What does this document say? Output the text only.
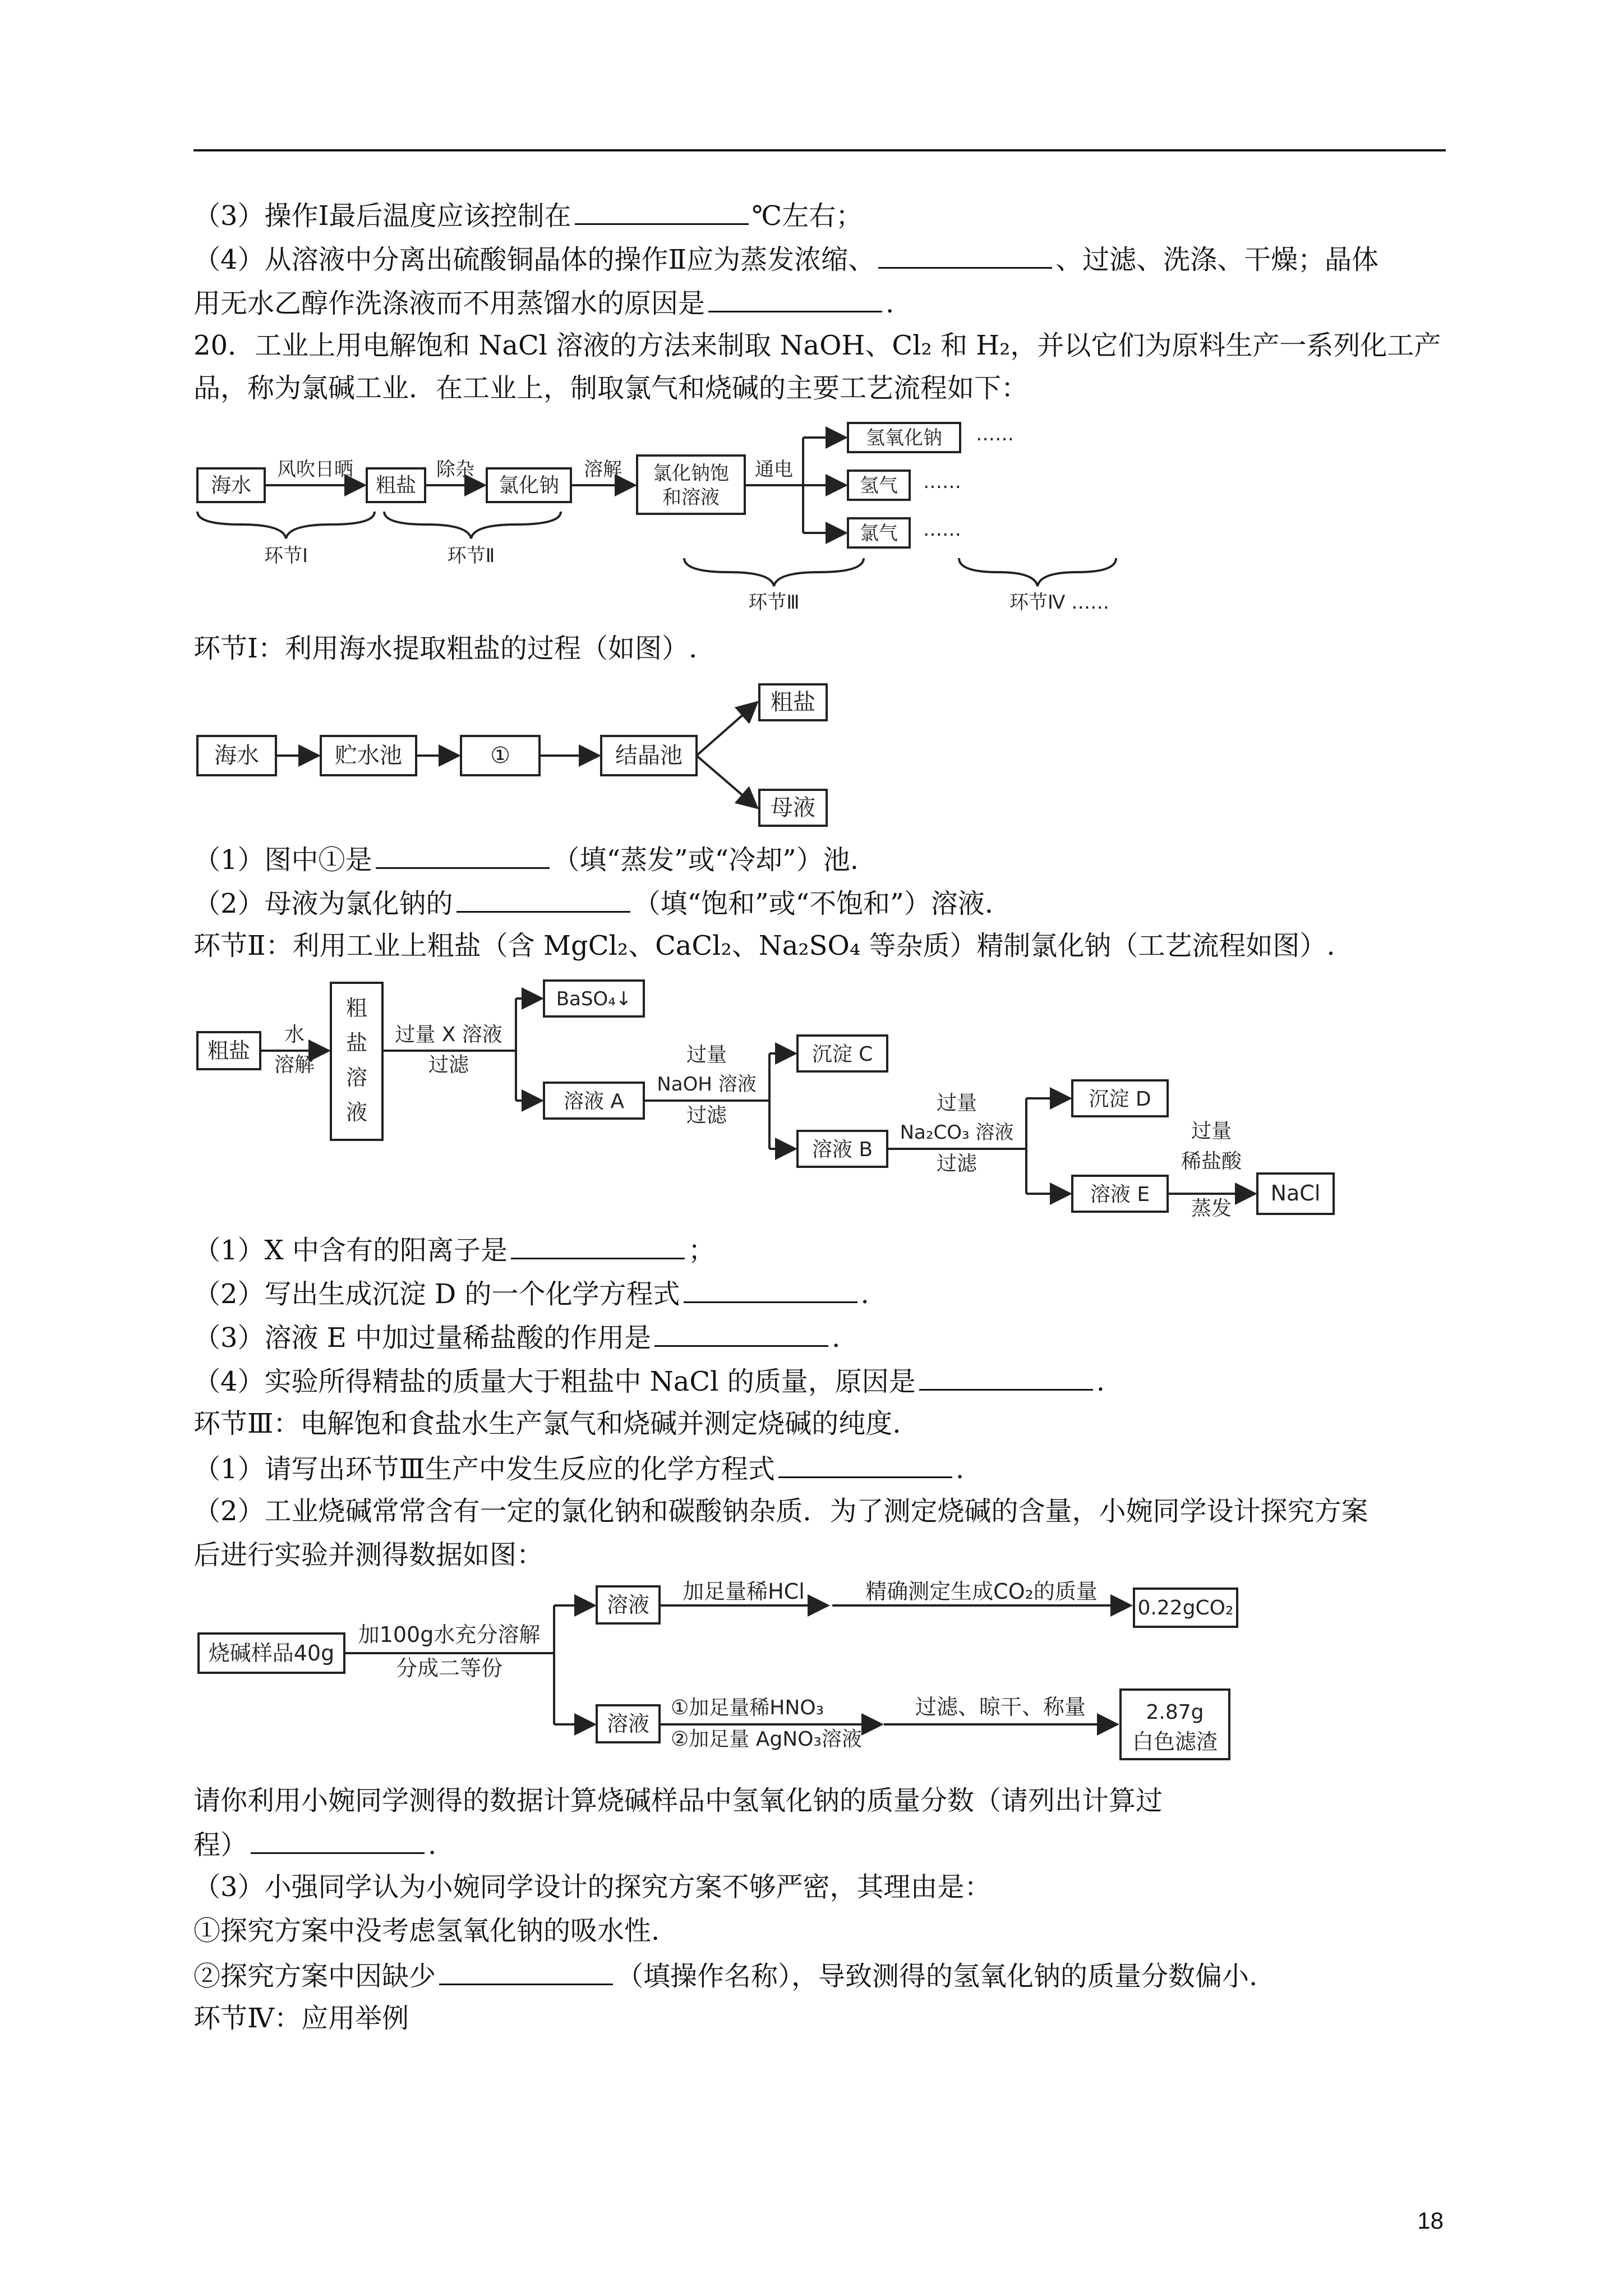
（3）操作Ⅰ最后温度应该控制在	℃左右；
（4）从溶液中分离出硫酸铜晶体的操作Ⅱ应为蒸发浓缩、	、过滤、洗涤、干燥；晶体
用无水乙醇作洗涤液而不用蒸馏水的原因是	.
20．工业上用电解饱和 NaCl 溶液的方法来制取 NaOH、Cl₂ 和 H₂，并以它们为原料生产一系列化工产
品，称为氯碱工业．在工业上，制取氯气和烧碱的主要工艺流程如下：
海水
风吹日晒
粗盐
除杂
氯化钠
溶解 氯化钠饱
和溶液
通电
氢氧化钠
氢气
氯气
……
……
……
环节Ⅰ	环节Ⅱ
环节Ⅲ	环节Ⅳ ……
环节Ⅰ：利用海水提取粗盐的过程（如图）.
海水	贮水池	①	结晶池
粗盐
母液
（1）图中①是	（填“蒸发”或“冷却”）池.
（2）母液为氯化钠的	（填“饱和”或“不饱和”）溶液.
环节Ⅱ：利用工业上粗盐（含 MgCl₂、CaCl₂、Na₂SO₄ 等杂质）精制氯化钠（工艺流程如图）.
粗盐
水
溶解
粗
盐
溶
液
过量 X 溶液
过滤
BaSO₄↓
溶液 A
过量
NaOH 溶液
过滤
沉淀 C
溶液 B
过量
Na₂CO₃ 溶液
过滤
沉淀 D
溶液 E
过量
稀盐酸
蒸发
NaCl
（1）X 中含有的阳离子是	；
（2）写出生成沉淀 D 的一个化学方程式	.
（3）溶液 E 中加过量稀盐酸的作用是	.
（4）实验所得精盐的质量大于粗盐中 NaCl 的质量，原因是	.
环节Ⅲ：电解饱和食盐水生产氯气和烧碱并测定烧碱的纯度.
（1）请写出环节Ⅲ生产中发生反应的化学方程式	.
（2）工业烧碱常常含有一定的氯化钠和碳酸钠杂质．为了测定烧碱的含量，小婉同学设计探究方案
后进行实验并测得数据如图：
烧碱样品40g
加100g水充分溶解
分成二等份
溶液
加足量稀HCl	精确测定生成CO₂的质量
0.22gCO₂
溶液
①加足量稀HNO₃
②加足量 AgNO₃溶液
过滤、晾干、称量	2.87g
白色滤渣
请你利用小婉同学测得的数据计算烧碱样品中氢氧化钠的质量分数（请列出计算过
程）	.
（3）小强同学认为小婉同学设计的探究方案不够严密，其理由是：
①探究方案中没考虑氢氧化钠的吸水性.
②探究方案中因缺少	（填操作名称），导致测得的氢氧化钠的质量分数偏小.
环节Ⅳ：应用举例
18
